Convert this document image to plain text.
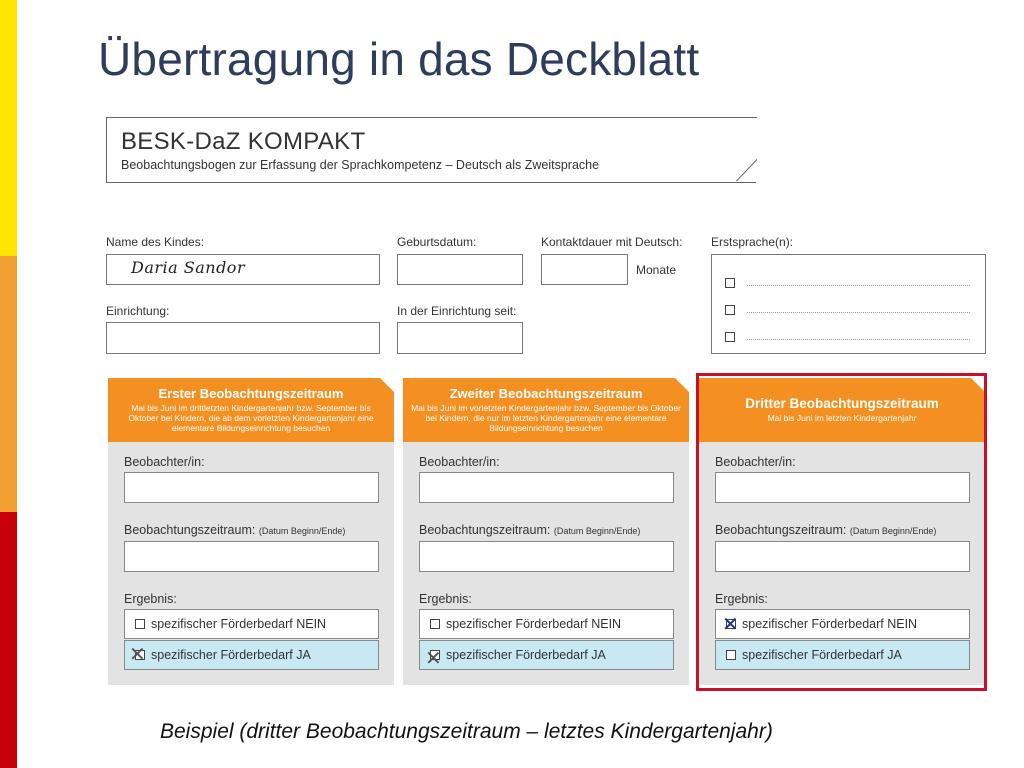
Übertragung in das Deckblatt
BESK-DaZ KOMPAKT
Beobachtungsbogen zur Erfassung der Sprachkompetenz – Deutsch als Zweitsprache
Name des Kindes:
Daria Sandor
Geburtsdatum:	Kontaktdauer mit Deutsch:
Monate
Erstsprache(n):
Einrichtung:	In der Einrichtung seit:
Erster Beobachtungszeitraum
Mai bis Juni im drittletzten Kindergartenjahr bzw. September bis Oktober bei Kindern, die ab dem vorletzten Kindergartenjahr eine elementare Bildungseinrichtung besuchen
Beobachter/in:
Beobachtungszeitraum: (Datum Beginn/Ende)
Ergebnis:
spezifischer Förderbedarf NEIN
spezifischer Förderbedarf JA
✕
Zweiter Beobachtungszeitraum
Mai bis Juni im vorletzten Kindergartenjahr bzw. September bis Oktober bei Kindern, die nur im letzten Kindergartenjahr eine elementare Bildungseinrichtung besuchen
Beobachter/in:
Beobachtungszeitraum: (Datum Beginn/Ende)
Ergebnis:
spezifischer Förderbedarf NEIN
spezifischer Förderbedarf JA
✕
Dritter Beobachtungszeitraum
Mai bis Juni im letzten Kindergartenjahr
Beobachter/in:
Beobachtungszeitraum: (Datum Beginn/Ende)
Ergebnis:
spezifischer Förderbedarf NEIN
spezifischer Förderbedarf JA
✕
Beispiel (dritter Beobachtungszeitraum – letztes Kindergartenjahr)
